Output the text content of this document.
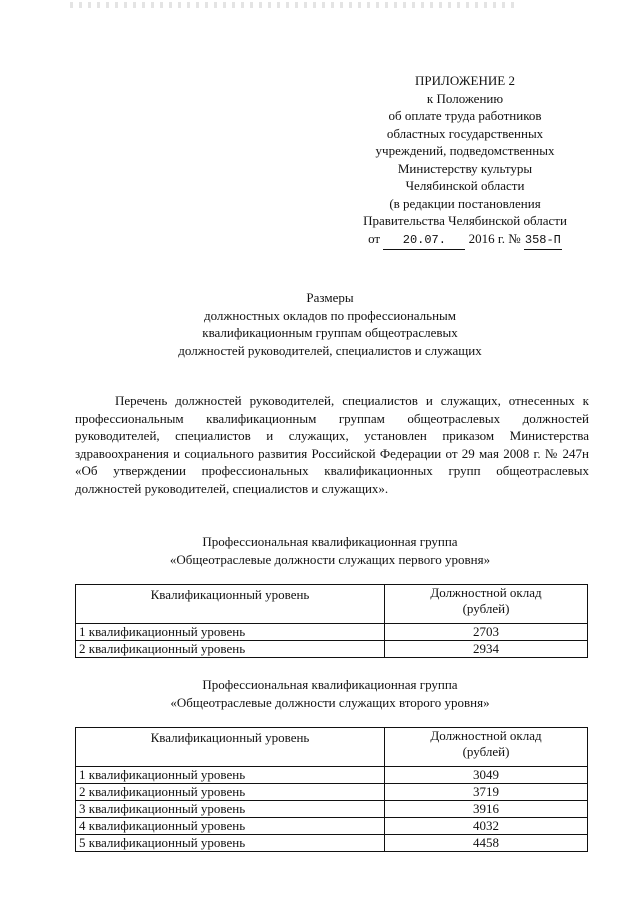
ПРИЛОЖЕНИЕ 2
к Положению
об оплате труда работников
областных государственных
учреждений, подведомственных
Министерству культуры
Челябинской области
(в редакции постановления
Правительства Челябинской области
от 20.07. 2016 г. № 358-П
Размеры
должностных окладов по профессиональным
квалификационным группам общеотраслевых
должностей руководителей, специалистов и служащих
Перечень должностей руководителей, специалистов и служащих, отнесенных к профессиональным квалификационным группам общеотраслевых должностей руководителей, специалистов и служащих, установлен приказом Министерства здравоохранения и социального развития Российской Федерации от 29 мая 2008 г. № 247н «Об утверждении профессиональных квалификационных групп общеотраслевых должностей руководителей, специалистов и служащих».
Профессиональная квалификационная группа
«Общеотраслевые должности служащих первого уровня»
Квалификационный уровень	Должностной оклад
(рублей)
1 квалификационный уровень	2703
2 квалификационный уровень	2934
Профессиональная квалификационная группа
«Общеотраслевые должности служащих второго уровня»
Квалификационный уровень	Должностной оклад
(рублей)
1 квалификационный уровень	3049
2 квалификационный уровень	3719
3 квалификационный уровень	3916
4 квалификационный уровень	4032
5 квалификационный уровень	4458
